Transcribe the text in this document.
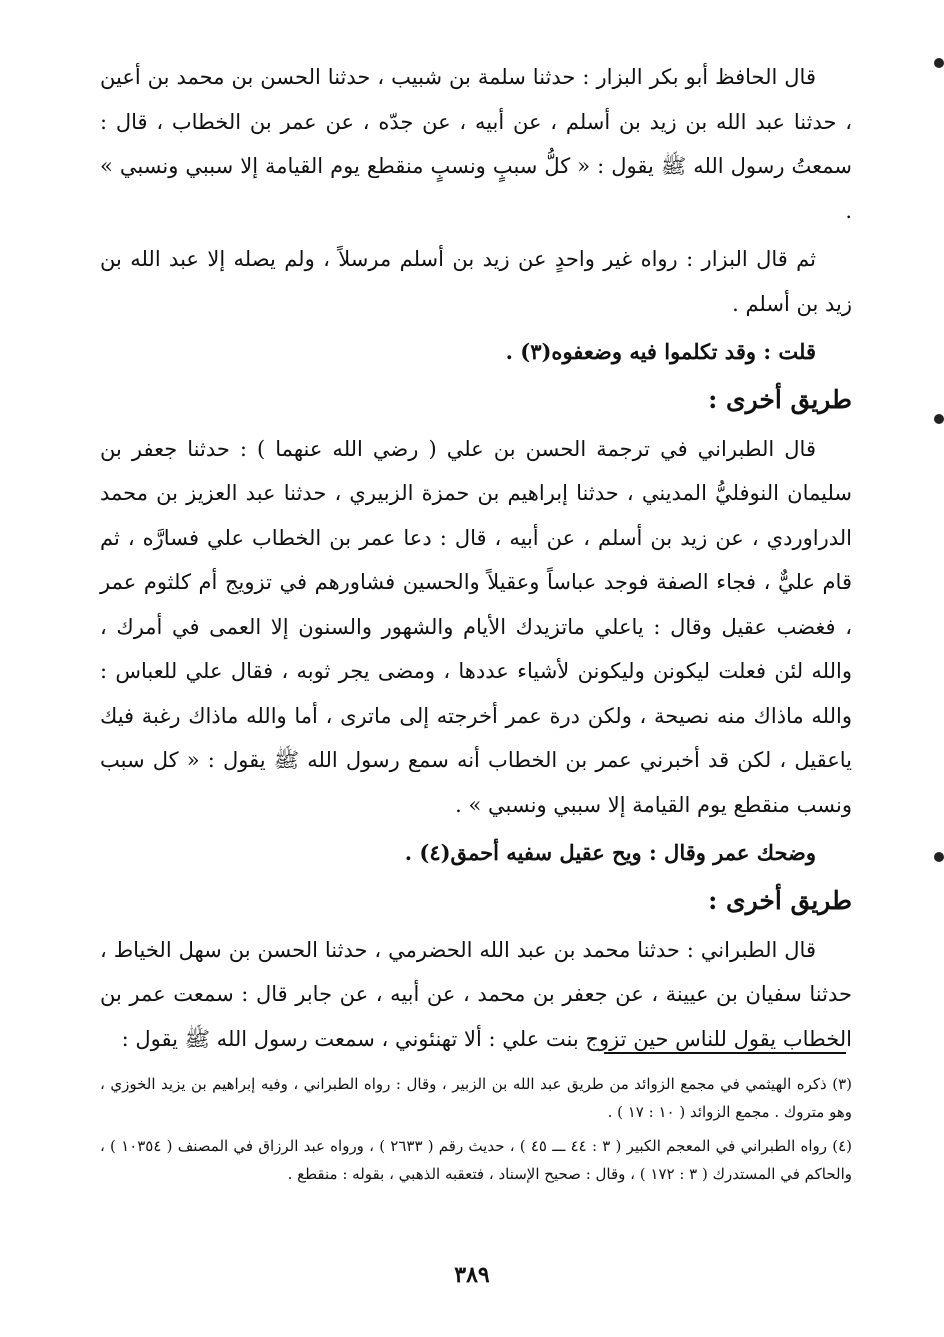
قال الحافظ أبو بكر البزار : حدثنا سلمة بن شبيب ، حدثنا الحسن بن محمد بن أعين ، حدثنا عبد الله بن زيد بن أسلم ، عن أبيه ، عن جدّه ، عن عمر بن الخطاب ، قال : سمعتُ رسول الله ﷺ يقول : « كلُّ سببٍ ونسبٍ منقطع يوم القيامة إلا سببي ونسبي » .

ثم قال البزار : رواه غير واحدٍ عن زيد بن أسلم مرسلاً ، ولم يصله إلا عبد الله بن زيد بن أسلم .

قلت : وقد تكلموا فيه وضعفوه(٣) .

طريق أخرى :

قال الطبراني في ترجمة الحسن بن علي ( رضي الله عنهما ) : حدثنا جعفر بن سليمان النوفليُّ المديني ، حدثنا إبراهيم بن حمزة الزبيري ، حدثنا عبد العزيز بن محمد الدراوردي ، عن زيد بن أسلم ، عن أبيه ، قال : دعا عمر بن الخطاب علي فسارَّه ، ثم قام عليٌّ ، فجاء الصفة فوجد عباساً وعقيلاً والحسين فشاورهم في تزويج أم كلثوم عمر ، فغضب عقيل وقال : ياعلي ماتزيدك الأيام والشهور والسنون إلا العمى في أمرك ، والله لئن فعلت ليكونن وليكونن لأشياء عددها ، ومضى يجر ثوبه ، فقال علي للعباس : والله ماذاك منه نصيحة ، ولكن درة عمر أخرجته إلى ماترى ، أما والله ماذاك رغبة فيك ياعقيل ، لكن قد أخبرني عمر بن الخطاب أنه سمع رسول الله ﷺ يقول : « كل سبب ونسب منقطع يوم القيامة إلا سببي ونسبي » .

وضحك عمر وقال : ويح عقيل سفيه أحمق(٤) .

طريق أخرى :

قال الطبراني : حدثنا محمد بن عبد الله الحضرمي ، حدثنا الحسن بن سهل الخياط ، حدثنا سفيان بن عيينة ، عن جعفر بن محمد ، عن أبيه ، عن جابر قال : سمعت عمر بن الخطاب يقول للناس حين تزوج بنت علي : ألا تهنئوني ، سمعت رسول الله ﷺ يقول :

(٣) ذكره الهيثمي في مجمع الزوائد من طريق عبد الله بن الزبير ، وقال : رواه الطبراني ، وفيه إبراهيم بن يزيد الخوزي ، وهو متروك . مجمع الزوائد ( ١٠ : ١٧ ) .

(٤) رواه الطبراني في المعجم الكبير ( ٣ : ٤٤ ـــ ٤٥ ) ، حديث رقم ( ٢٦٣٣ ) ، ورواه عبد الرزاق في المصنف ( ١٠٣٥٤ ) ، والحاكم في المستدرك ( ٣ : ١٧٢ ) ، وقال : صحيح الإسناد ، فتعقبه الذهبي ، بقوله : منقطع .

٣٨٩
